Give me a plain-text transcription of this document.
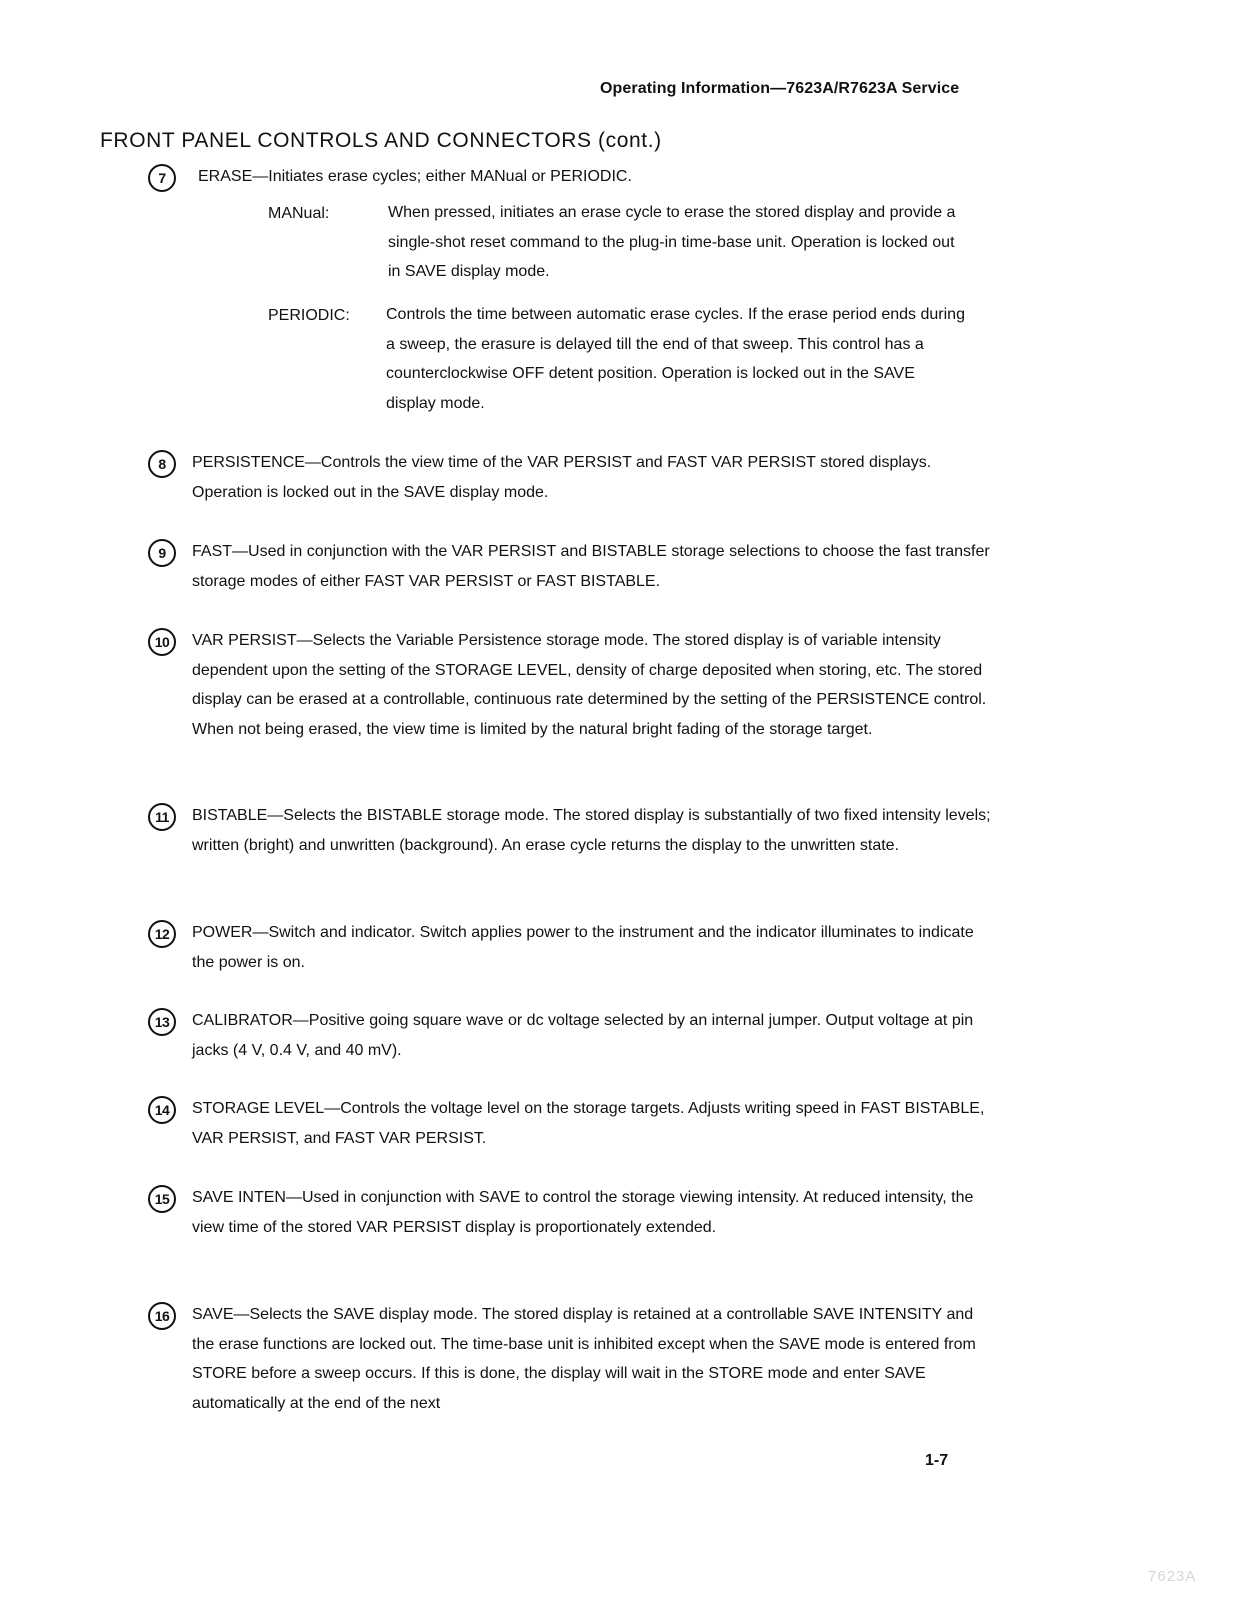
Operating Information—7623A/R7623A Service
FRONT PANEL CONTROLS AND CONNECTORS (cont.)
7	ERASE—Initiates erase cycles; either MANual or PERIODIC.

MANual:	When pressed, initiates an erase cycle to erase the stored display and provide a single-shot reset command to the plug-in time-base unit. Operation is locked out in SAVE display mode.

PERIODIC: Controls the time between automatic erase cycles. If the erase period ends during a sweep, the erasure is delayed till the end of that sweep. This control has a counterclockwise OFF detent position. Operation is locked out in the SAVE display mode.

8	PERSISTENCE—Controls the view time of the VAR PERSIST and FAST VAR PERSIST stored displays. Operation is locked out in the SAVE display mode.

9	FAST—Used in conjunction with the VAR PERSIST and BISTABLE storage selections to choose the fast transfer storage modes of either FAST VAR PERSIST or FAST BISTABLE.

10	VAR PERSIST—Selects the Variable Persistence storage mode. The stored display is of variable intensity dependent upon the setting of the STORAGE LEVEL, density of charge deposited when storing, etc. The stored display can be erased at a controllable, continuous rate determined by the setting of the PERSISTENCE control. When not being erased, the view time is limited by the natural bright fading of the storage target.

11	BISTABLE—Selects the BISTABLE storage mode. The stored display is substantially of two fixed intensity levels; written (bright) and unwritten (background). An erase cycle returns the display to the unwritten state.

12	POWER—Switch and indicator. Switch applies power to the instrument and the indicator illuminates to indicate the power is on.

13	CALIBRATOR—Positive going square wave or dc voltage selected by an internal jumper. Output voltage at pin jacks (4 V, 0.4 V, and 40 mV).

14	STORAGE LEVEL—Controls the voltage level on the storage targets. Adjusts writing speed in FAST BISTABLE, VAR PERSIST, and FAST VAR PERSIST.

15	SAVE INTEN—Used in conjunction with SAVE to control the storage viewing intensity. At reduced intensity, the view time of the stored VAR PERSIST display is proportionately extended.

16	SAVE—Selects the SAVE display mode. The stored display is retained at a controllable SAVE INTENSITY and the erase functions are locked out. The time-base unit is inhibited except when the SAVE mode is entered from STORE before a sweep occurs. If this is done, the display will wait in the STORE mode and enter SAVE automatically at the end of the next

1-7
7623A
